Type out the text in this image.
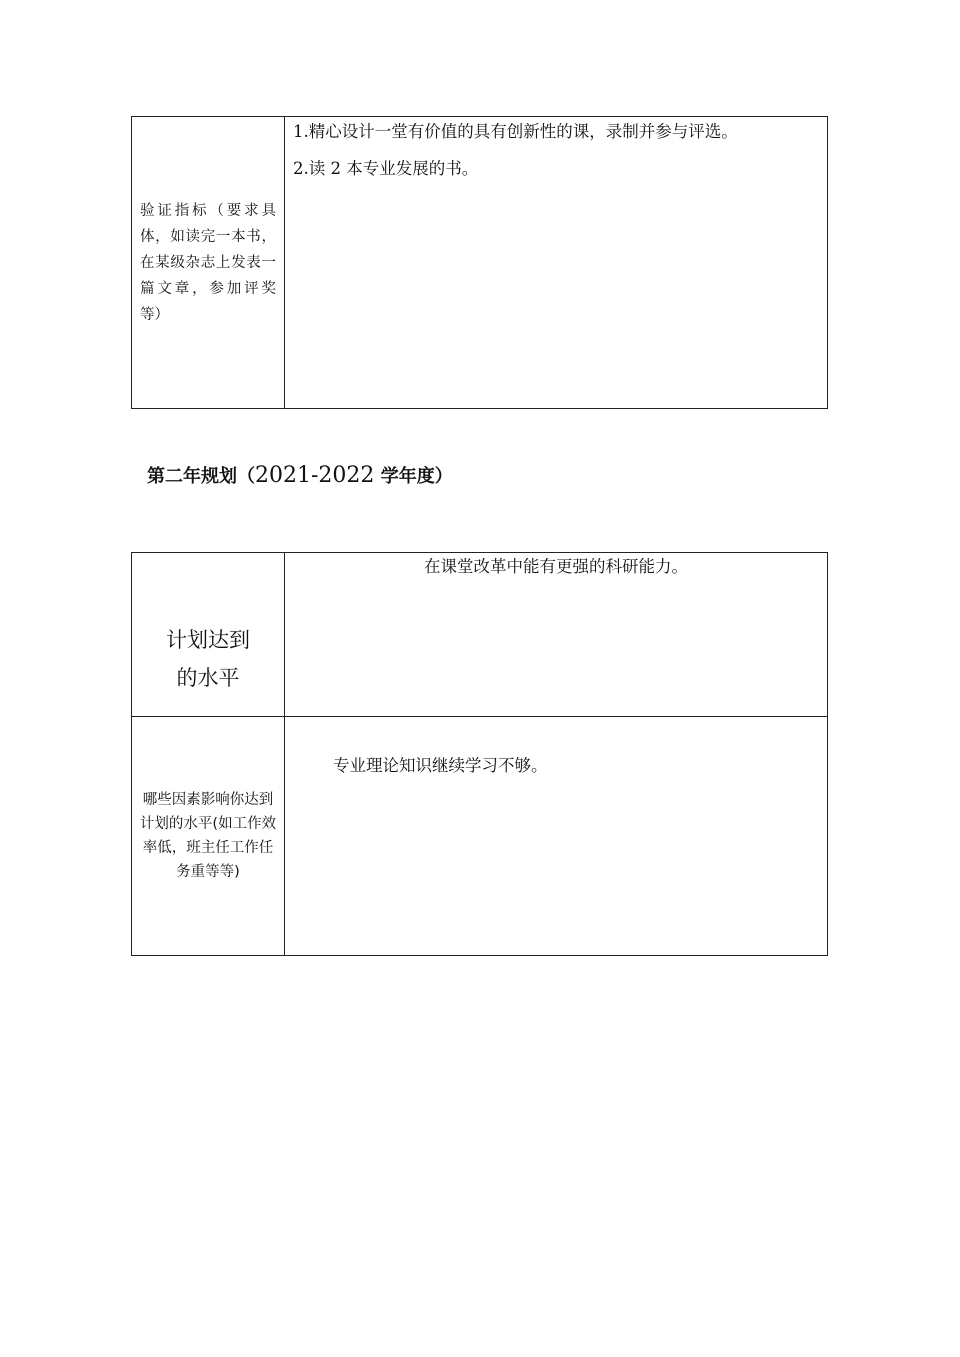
验证指标（要求具体，如读完一本书，在某级杂志上发表一篇文章，参加评奖等）
1.精心设计一堂有价值的具有创新性的课，录制并参与评选。
2.读 2 本专业发展的书。
第二年规划（2021-2022 学年度）
计划达到
的水平
在课堂改革中能有更强的科研能力。
哪些因素影响你达到计划的水平(如工作效率低，班主任工作任务重等等)
专业理论知识继续学习不够。
